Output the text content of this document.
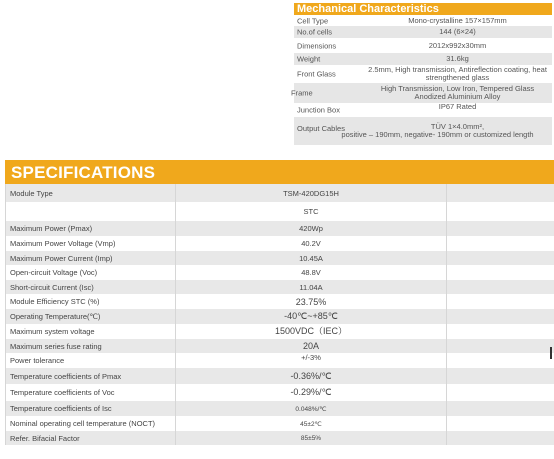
Mechanical Characteristics
Cell Type	Mono-crystalline 157×157mm
No.of cells	144 (6×24)
Dimensions	2012x992x30mm
Weight	31.6kg
Front Glass	2.5mm, High transmission, Antireflection coating, heat strengthened glass
Frame	High Transmission, Low Iron, Tempered Glass
Anodized Aluminium Alloy
Junction Box	IP67 Rated
Output Cables	TÜV 1×4.0mm²,
positive – 190mm, negative- 190mm or customized length
SPECIFICATIONS
Module Type	TSM-420DG15H
STC
Maximum Power (Pmax)	420Wp
Maximum Power Voltage (Vmp)	40.2V
Maximum Power Current (Imp)	10.45A
Open-circuit Voltage (Voc)	48.8V
Short-circuit Current (Isc)	11.04A
Module Efficiency STC (%)	23.75%
Operating Temperature(℃)	-40℃~+85℃
Maximum system voltage	1500VDC（IEC）
Maximum series fuse rating	20A
Power tolerance	+/-3%
Temperature coefficients of Pmax	-0.36%/℃
Temperature coefficients of Voc	-0.29%/℃
Temperature coefficients of Isc	0.048%/℃
Nominal operating cell temperature (NOCT)	45±2℃
Refer. Bifacial Factor	85±5%
